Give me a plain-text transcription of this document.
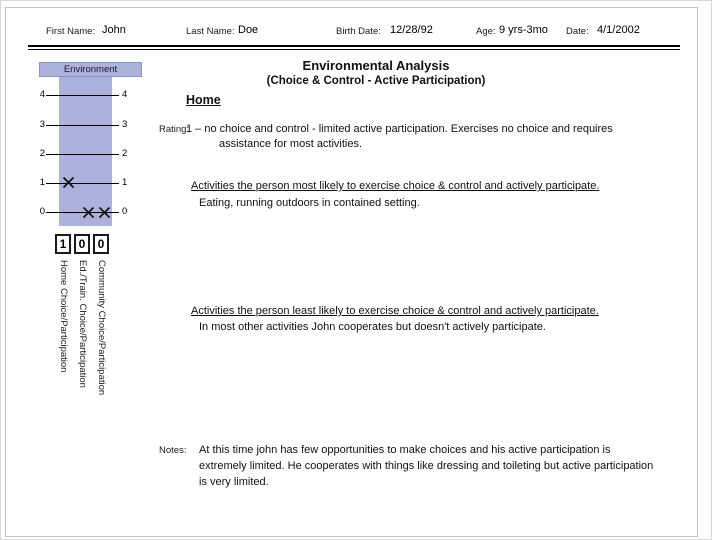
First Name: John	Last Name: Doe	Birth Date: 12/28/92	Age: 9 yrs-3mo Date: 4/1/2002
Environment
4
3
2
1
0
4
3
2
1
0
1	0	0
Home Choice/Participation Ed./Train. Choice/Participation Community Choice/Participation
Environmental Analysis
(Choice & Control - Active Participation)
Home
Rating:
1 – no choice and control - limited active participation. Exercises no choice and requires assistance for most activities.
Activities the person most likely to exercise choice & control and actively participate.
Eating, running outdoors in contained setting.
Activities the person least likely to exercise choice & control and actively participate.
In most other activities John cooperates but doesn't actively participate.
Notes: At this time john has few opportunities to make choices and his active participation is extremely limited. He cooperates with things like dressing and toileting but active participation is very limited.
